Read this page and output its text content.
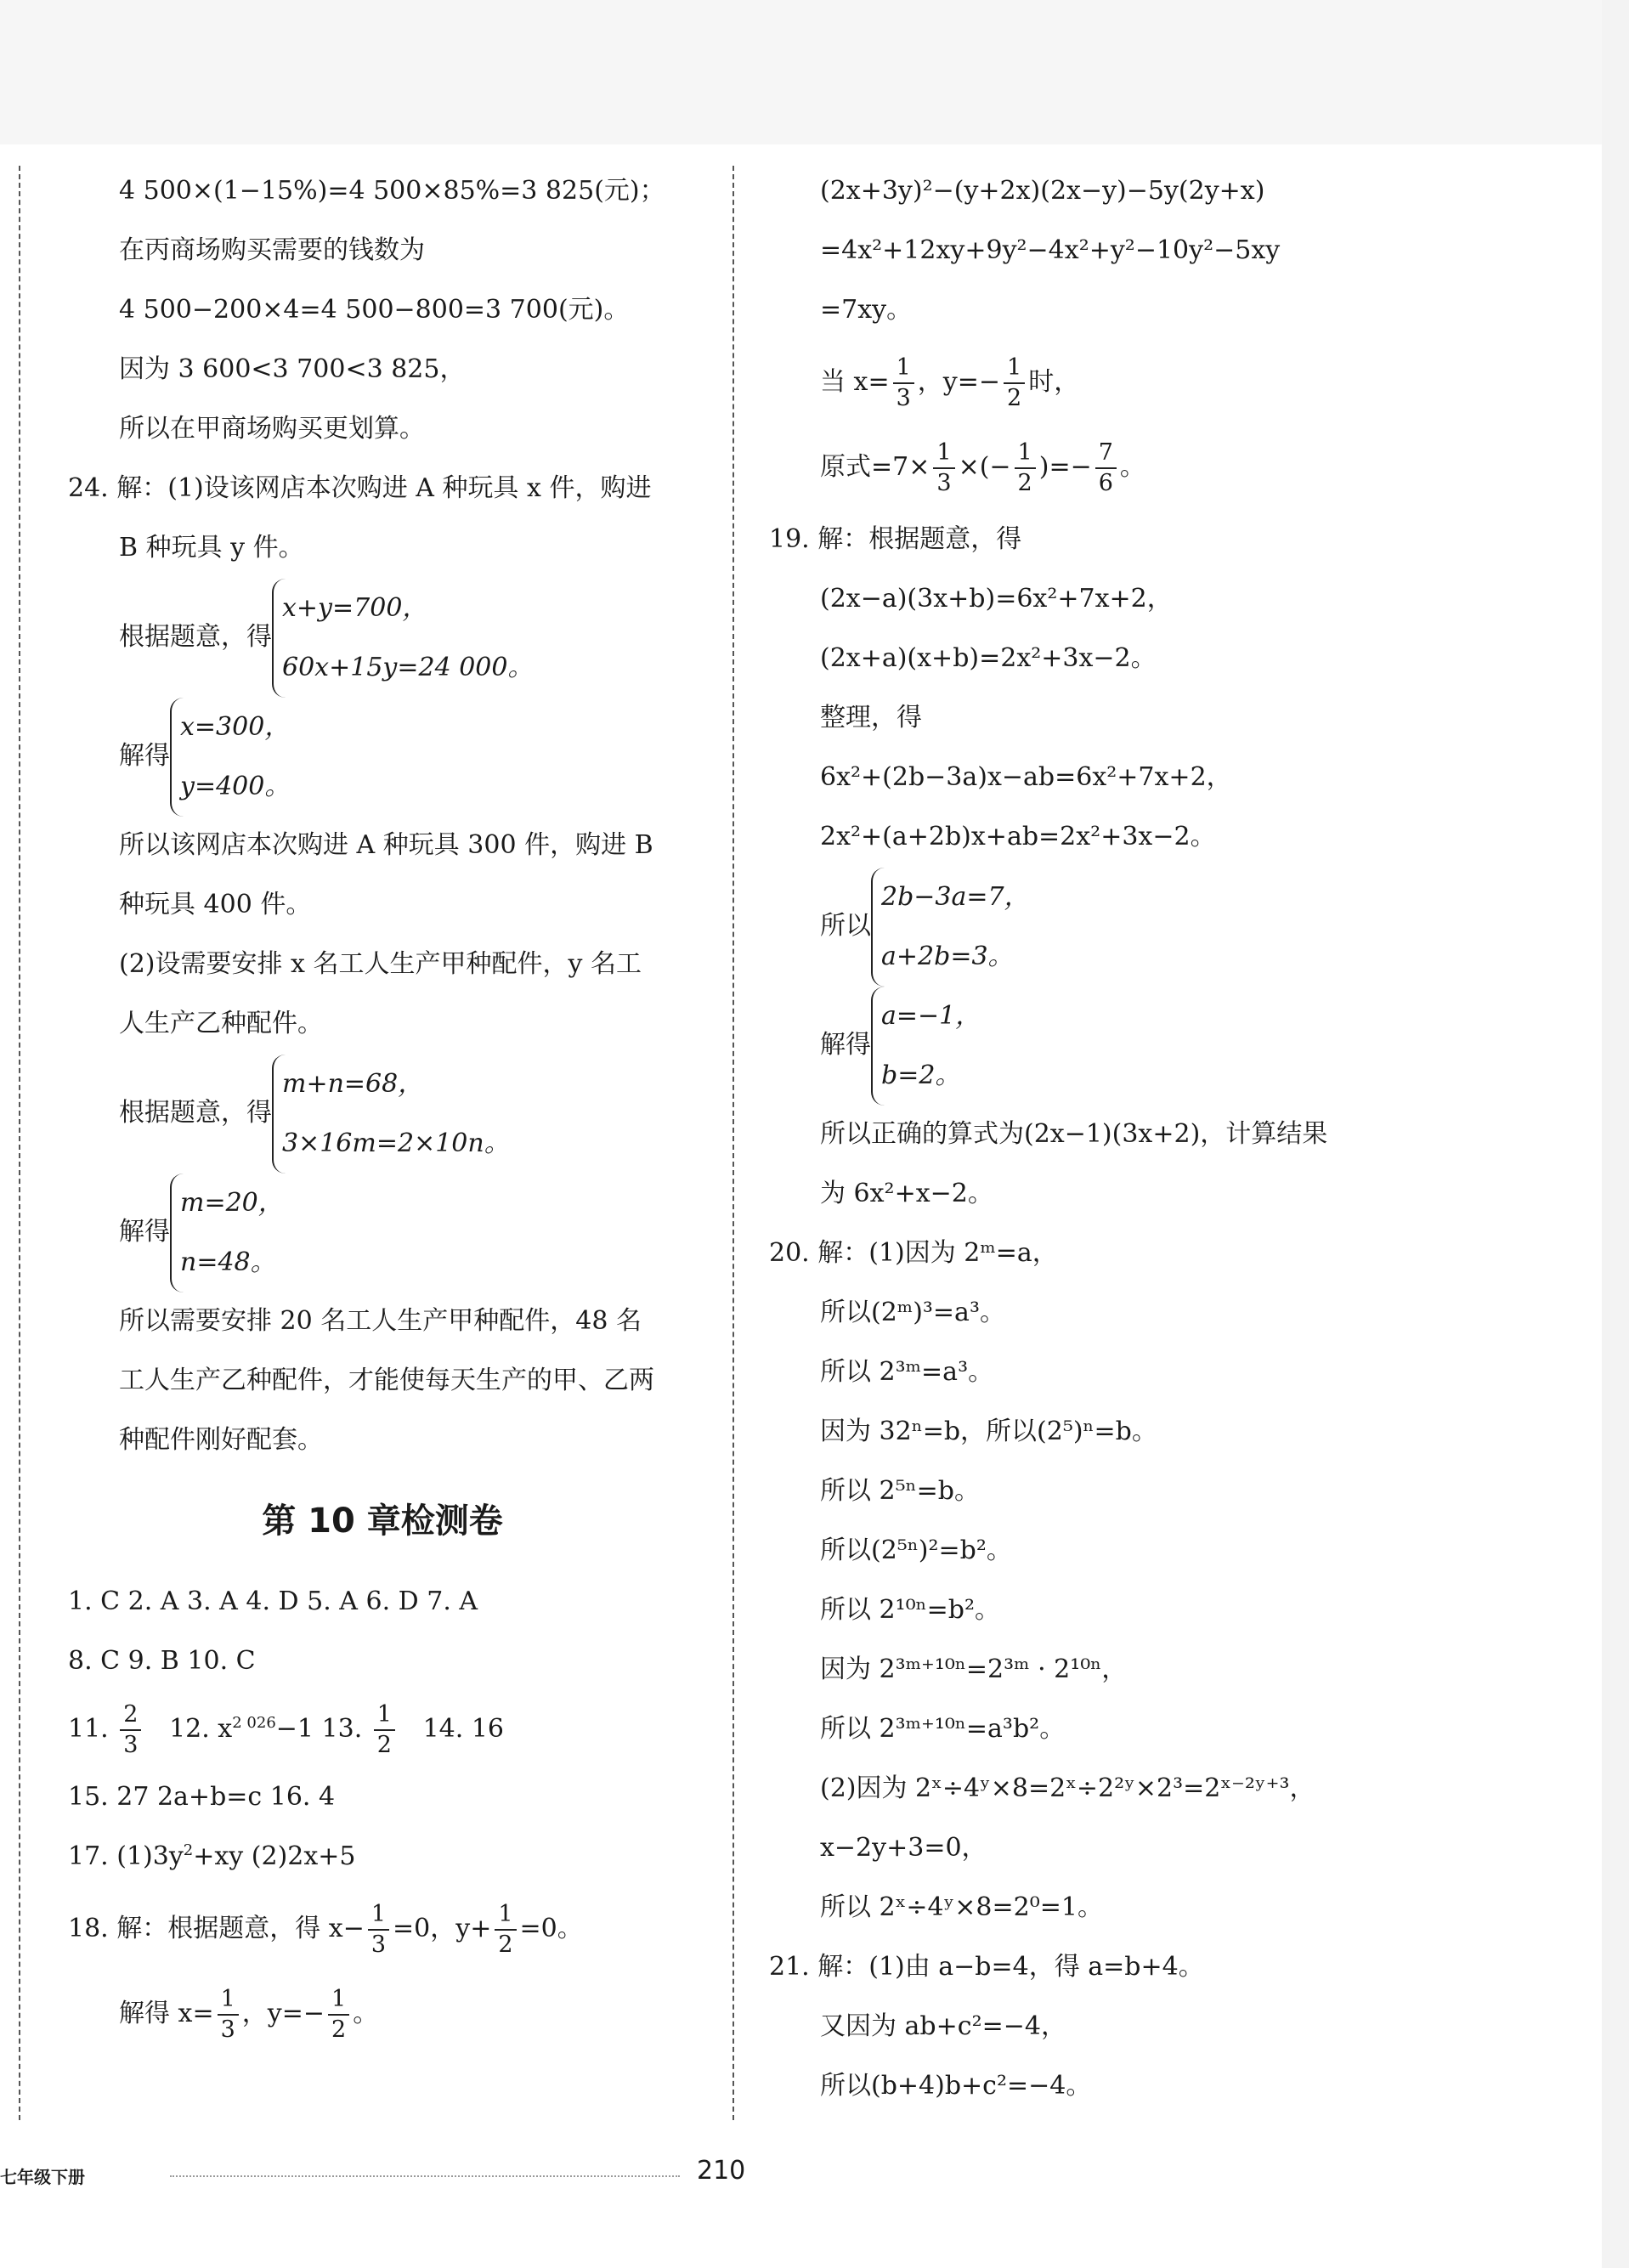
4 500×(1−15%)=4 500×85%=3 825(元)；
在丙商场购买需要的钱数为
4 500−200×4=4 500−800=3 700(元)。
因为 3 600<3 700<3 825，
所以在甲商场购买更划算。
24. 解：(1)设该网店本次购进 A 种玩具 x 件，购进
B 种玩具 y 件。
根据题意，得
x+y=700，
60x+15y=24 000。
解得
x=300，
y=400。
所以该网店本次购进 A 种玩具 300 件，购进 B
种玩具 400 件。
(2)设需要安排 x 名工人生产甲种配件，y 名工
人生产乙种配件。
根据题意，得
m+n=68，
3×16m=2×10n。
解得
m=20，
n=48。
所以需要安排 20 名工人生产甲种配件，48 名
工人生产乙种配件，才能使每天生产的甲、乙两
种配件刚好配套。
第 10 章检测卷
1. C 2. A 3. A 4. D 5. A 6. D 7. A
8. C 9. B 10. C
11. $\frac{2}{3} 12$. $x^{2 026}-1$ 13. $\frac{1}{2} 14$. 16
15. 27 2a+b=c 16. 4
17. $(1)3y^2+xy$ (2)2x+5
18. 解：根据题意，得 $x- \frac{1}{3} =0$，$y+ \frac{1}{2} =0$。
解得 $x= \frac{1}{3}$ ，$y=- \frac{1}{2}$ 。
(2x+3y)²−(y+2x)(2x−y)−5y(2y+x)
=4x²+12xy+9y²−4x²+y²−10y²−5xy
=7xy。
当 $x= \frac{1}{3}$ ，$y=- \frac{1}{2}$ 时，
原式$=7\times \frac{1}{3}$ ×(− $\frac{1}{2}$ )=− $\frac{7}{6}$ 。
19. 解：根据题意，得
(2x−a)(3x+b)=6x²+7x+2，
(2x+a)(x+b)=2x²+3x−2。
整理，得
6x²+(2b−3a)x−ab=6x²+7x+2，
2x²+(a+2b)x+ab=2x²+3x−2。
所以
2b−3a=7，
a+2b=3。
解得
a=−1，
b=2。
所以正确的算式为(2x−1)(3x+2)，计算结果
为 6x²+x−2。
20. 解：(1)因为 2ᵐ=a，
所以(2ᵐ)³=a³。
所以 2³ᵐ=a³。
因为 32ⁿ=b，所以(2⁵)ⁿ=b。
所以 2⁵ⁿ=b。
所以(2⁵ⁿ)²=b²。
所以 2¹⁰ⁿ=b²。
因为 2³ᵐ⁺¹⁰ⁿ=2³ᵐ · 2¹⁰ⁿ，
所以 2³ᵐ⁺¹⁰ⁿ=a³b²。
(2)因为 2ˣ÷4ʸ×8=2ˣ÷2²ʸ×2³=2ˣ⁻²ʸ⁺³，
x−2y+3=0，
所以 2ˣ÷4ʸ×8=2⁰=1。
21. 解：(1)由 a−b=4，得 a=b+4。
又因为 ab+c²=−4，
所以(b+4)b+c²=−4。
七年级下册	210
